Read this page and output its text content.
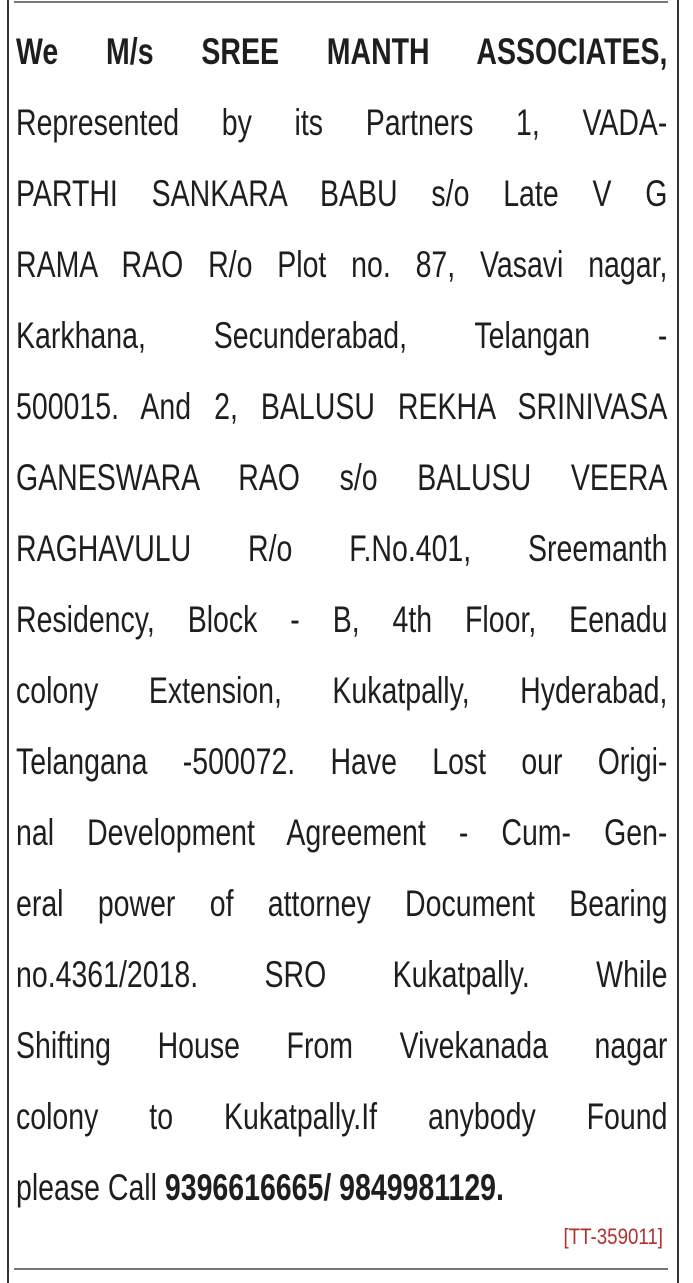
We M/s SREE MANTH ASSOCIATES,
Represented by its Partners 1, VADA-
PARTHI SANKARA BABU s/o Late V G
RAMA RAO R/o Plot no. 87, Vasavi nagar,
Karkhana, Secunderabad, Telangan -
500015. And 2, BALUSU REKHA SRINIVASA
GANESWARA RAO s/o BALUSU VEERA
RAGHAVULU R/o F.No.401, Sreemanth
Residency, Block - B, 4th Floor, Eenadu
colony Extension, Kukatpally, Hyderabad,
Telangana -500072. Have Lost our Origi-
nal Development Agreement - Cum- Gen-
eral power of attorney Document Bearing
no.4361/2018. SRO Kukatpally. While
Shifting House From Vivekanada nagar
colony to Kukatpally.If anybody Found
please Call 9396616665/ 9849981129.
[TT-359011]
